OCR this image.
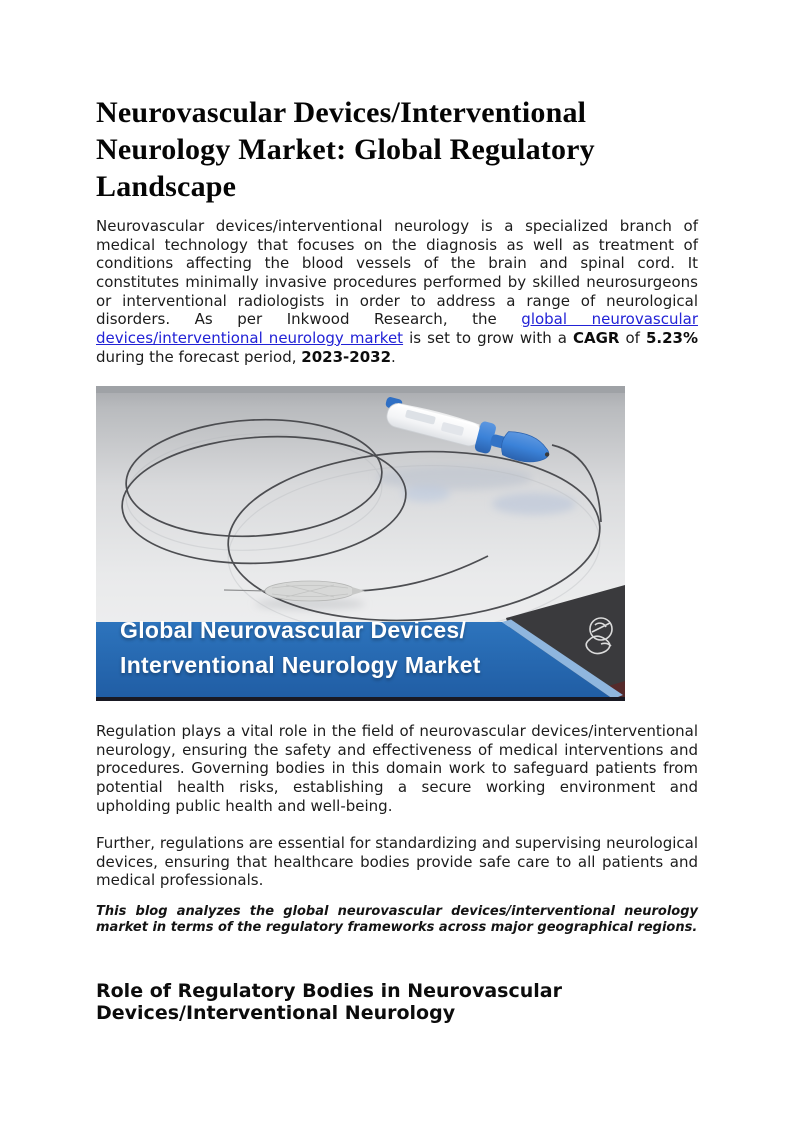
Neurovascular Devices/Interventional Neurology Market: Global Regulatory Landscape

Neurovascular devices/interventional neurology is a specialized branch of medical technology that focuses on the diagnosis as well as treatment of conditions affecting the blood vessels of the brain and spinal cord. It constitutes minimally invasive procedures performed by skilled neurosurgeons or interventional radiologists in order to address a range of neurological disorders. As per Inkwood Research, the global neurovascular devices/interventional neurology market is set to grow with a CAGR of 5.23% during the forecast period, 2023-2032.

Global Neurovascular Devices/
Interventional Neurology Market

Regulation plays a vital role in the field of neurovascular devices/interventional neurology, ensuring the safety and effectiveness of medical interventions and procedures. Governing bodies in this domain work to safeguard patients from potential health risks, establishing a secure working environment and upholding public health and well-being.

Further, regulations are essential for standardizing and supervising neurological devices, ensuring that healthcare bodies provide safe care to all patients and medical professionals.

This blog analyzes the global neurovascular devices/interventional neurology market in terms of the regulatory frameworks across major geographical regions.

Role of Regulatory Bodies in Neurovascular Devices/Interventional Neurology
